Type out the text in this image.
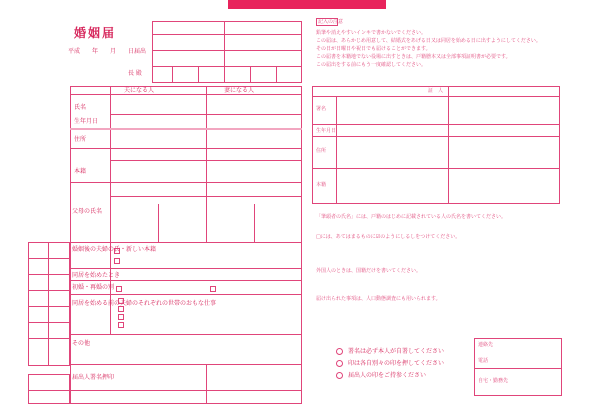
婚姻届
平成　　年　　月　　日届出
長 殿
夫になる人	妻になる人
氏名
生年月日
住所
本籍
父母の氏名
婚姻後の夫婦の氏・新しい本籍
同居を始めたとき
初婚・再婚の別
同居を始める前の夫婦のそれぞれの世帯のおもな仕事
その他
届出人署名押印
記入の注意
鉛筆や消えやすいインキで書かないでください。
この届は、あらかじめ用意して、結婚式をあげる日又は同居を始める日に出すようにしてください。
その日が日曜日や祝日でも届けることができます。
この届書を本籍地でない役場に出すときは、戸籍謄本又は全部事項証明書が必要です。
この届出をする前にもう一度確認してください。
証　人
署名
生年月日
住所
本籍
「筆頭者の氏名」には、戸籍のはじめに記載されている人の氏名を書いてください。
□には、あてはまるものに☑のようにしるしをつけてください。
外国人のときは、国籍だけを書いてください。
届け出られた事項は、人口動態調査にも用いられます。
署名は必ず本人が自署してください
印は各自別々の印を押してください
届出人の印をご持参ください
連絡先
電話
自宅・勤務先
